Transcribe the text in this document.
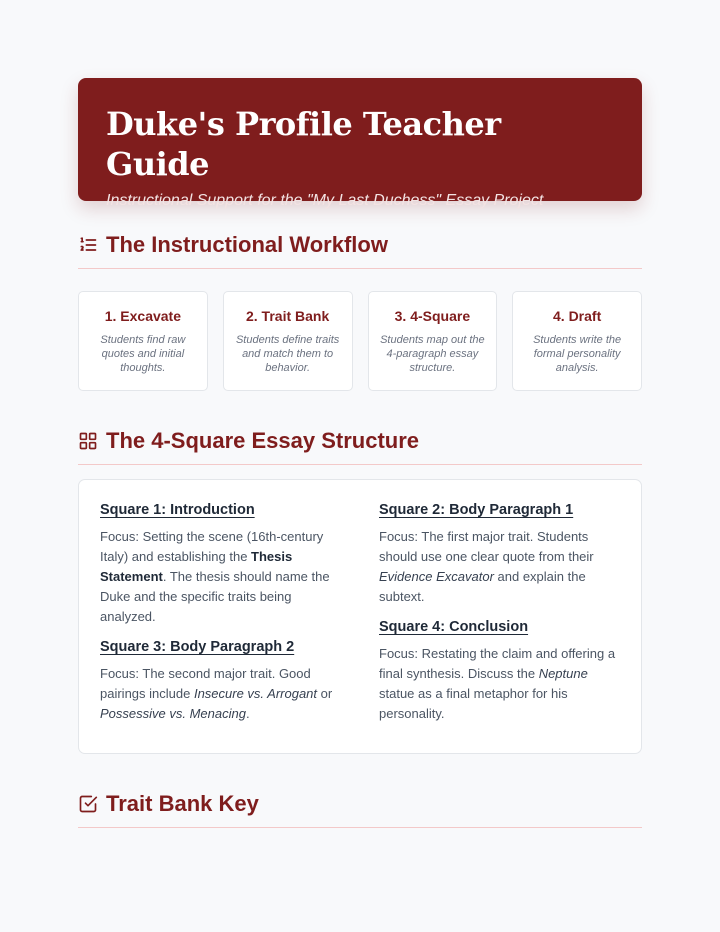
Duke's Profile Teacher Guide
Instructional Support for the "My Last Duchess" Essay Project
The Instructional Workflow
1. Excavate
Students find raw quotes and initial thoughts.
2. Trait Bank
Students define traits and match them to behavior.
3. 4-Square
Students map out the 4-paragraph essay structure.
4. Draft
Students write the formal personality analysis.
The 4-Square Essay Structure
Square 1: Introduction
Focus: Setting the scene (16th-century Italy) and establishing the Thesis Statement. The thesis should name the Duke and the specific traits being analyzed.
Square 3: Body Paragraph 2
Focus: The second major trait. Good pairings include Insecure vs. Arrogant or Possessive vs. Menacing.
Square 2: Body Paragraph 1
Focus: The first major trait. Students should use one clear quote from their Evidence Excavator and explain the subtext.
Square 4: Conclusion
Focus: Restating the claim and offering a final synthesis. Discuss the Neptune statue as a final metaphor for his personality.
Trait Bank Key
